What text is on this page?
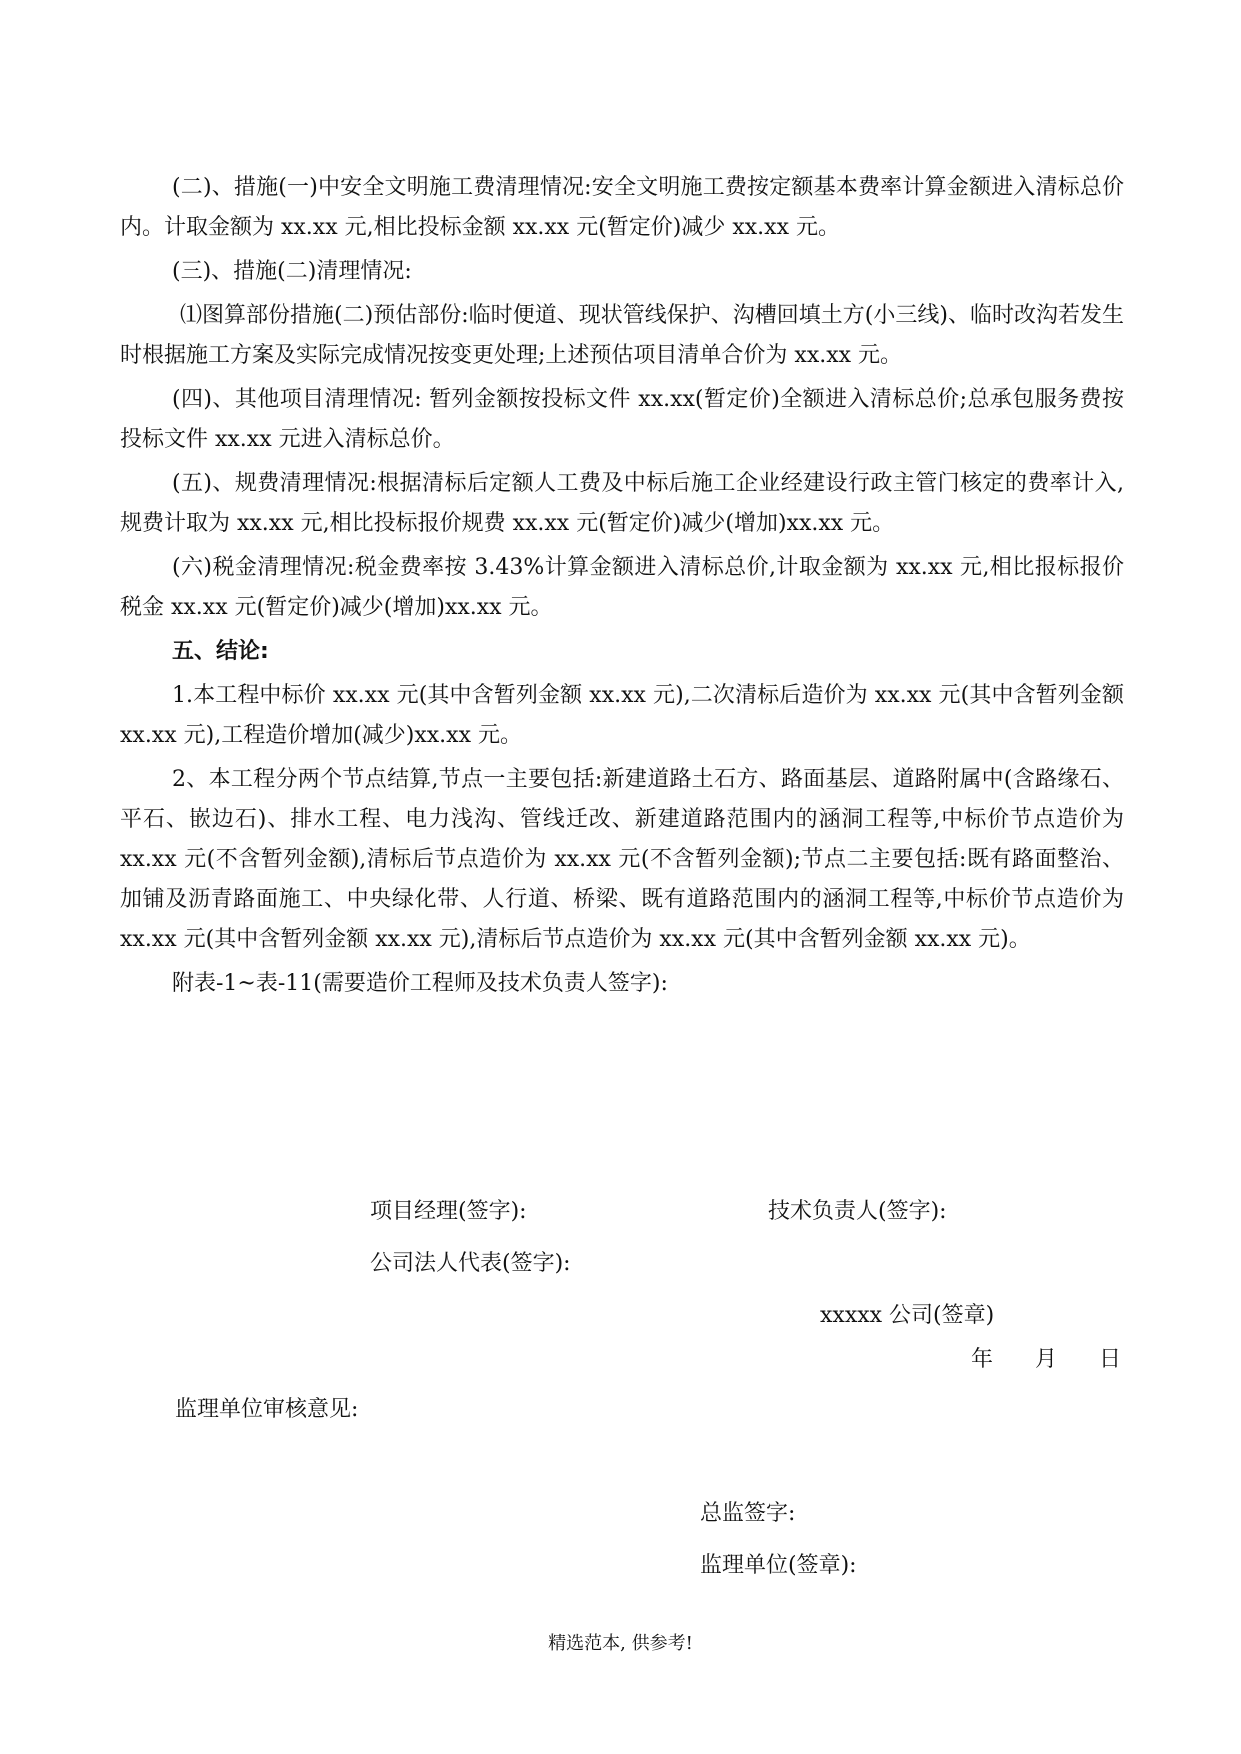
(二)、措施(一)中安全文明施工费清理情况:安全文明施工费按定额基本费率计算金额进入清标总价内。计取金额为 xx.xx 元,相比投标金额 xx.xx 元(暂定价)减少 xx.xx 元。

(三)、措施(二)清理情况:

⑴图算部份措施(二)预估部份:临时便道、现状管线保护、沟槽回填土方(小三线)、临时改沟若发生时根据施工方案及实际完成情况按变更处理;上述预估项目清单合价为 xx.xx 元。

(四)、其他项目清理情况: 暂列金额按投标文件 xx.xx(暂定价)全额进入清标总价;总承包服务费按投标文件 xx.xx 元进入清标总价。

(五)、规费清理情况:根据清标后定额人工费及中标后施工企业经建设行政主管门核定的费率计入,规费计取为 xx.xx 元,相比投标报价规费 xx.xx 元(暂定价)减少(增加)xx.xx 元。

(六)税金清理情况:税金费率按 3.43%计算金额进入清标总价,计取金额为 xx.xx 元,相比报标报价税金 xx.xx 元(暂定价)减少(增加)xx.xx 元。

五、结论:

1.本工程中标价 xx.xx 元(其中含暂列金额 xx.xx 元),二次清标后造价为 xx.xx 元(其中含暂列金额 xx.xx 元),工程造价增加(减少)xx.xx 元。

2、本工程分两个节点结算,节点一主要包括:新建道路土石方、路面基层、道路附属中(含路缘石、平石、嵌边石)、排水工程、电力浅沟、管线迁改、新建道路范围内的涵洞工程等,中标价节点造价为 xx.xx 元(不含暂列金额),清标后节点造价为 xx.xx 元(不含暂列金额);节点二主要包括:既有路面整治、加铺及沥青路面施工、中央绿化带、人行道、桥梁、既有道路范围内的涵洞工程等,中标价节点造价为 xx.xx 元(其中含暂列金额 xx.xx 元),清标后节点造价为 xx.xx 元(其中含暂列金额 xx.xx 元)。

附表-1~表-11(需要造价工程师及技术负责人签字):

项目经理(签字):	技术负责人(签字):
公司法人代表(签字):
xxxxx 公司(签章)
年 月 日
监理单位审核意见:
总监签字:
监理单位(签章):
精选范本, 供参考!
